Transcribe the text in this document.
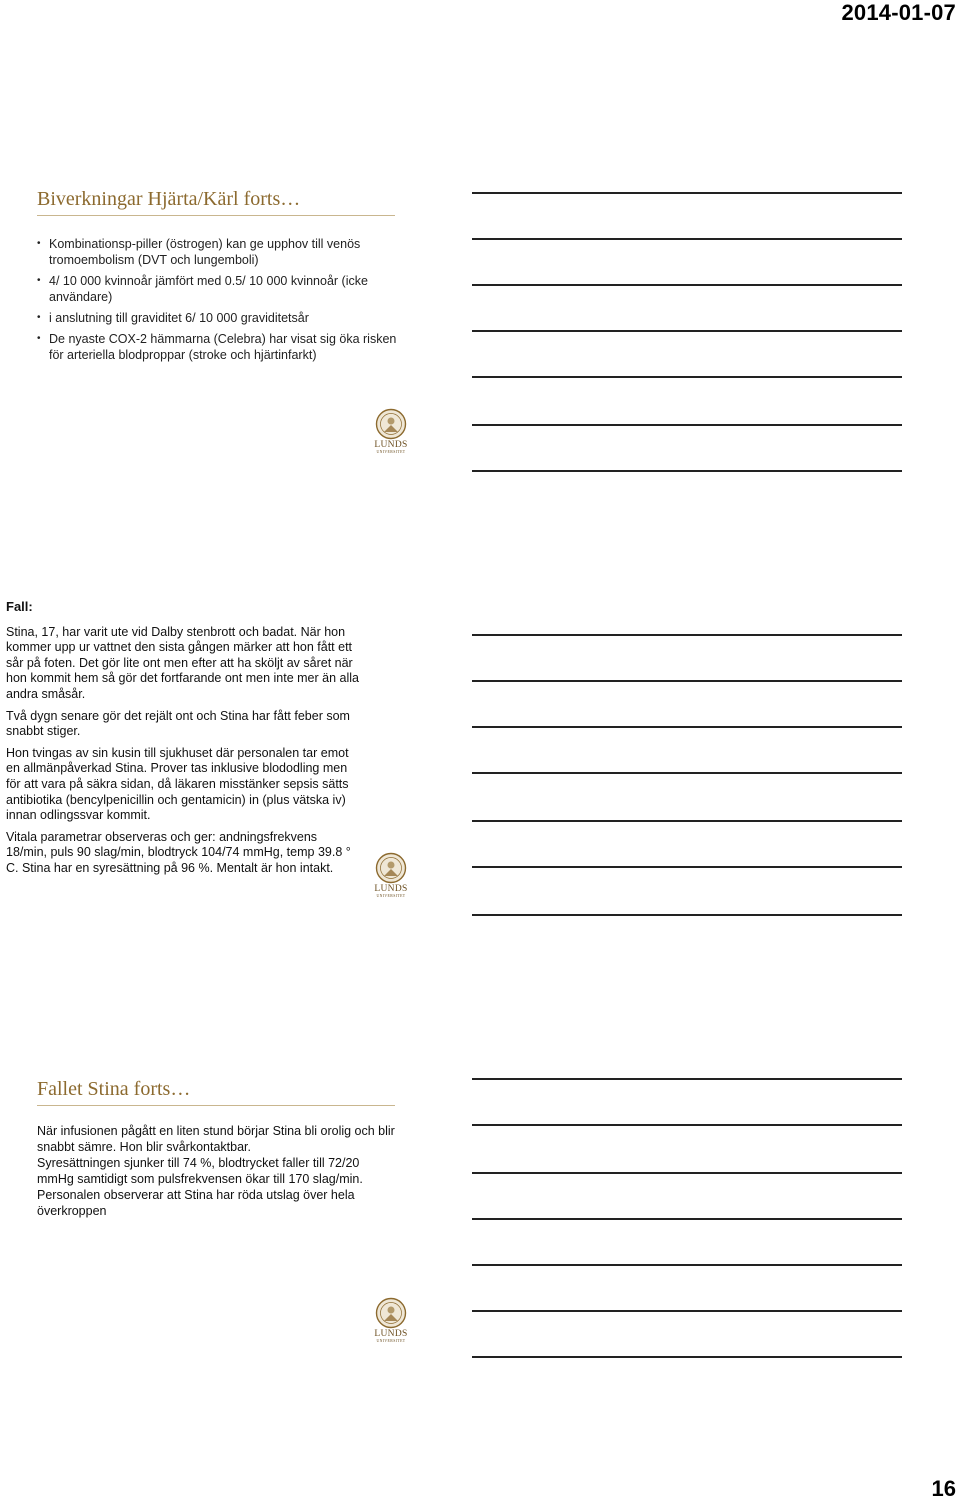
2014-01-07
Biverkningar Hjärta/Kärl forts…
• Kombinationsp-piller (östrogen) kan ge upphov till venös tromoembolism (DVT och lungemboli)
• 4/ 10 000 kvinnoår jämfört med 0.5/ 10 000 kvinnoår (icke användare)
• i anslutning till graviditet 6/ 10 000 graviditetsår
• De nyaste COX-2 hämmarna (Celebra) har visat sig öka risken för arteriella blodproppar (stroke och hjärtinfarkt)
LUNDS
UNIVERSITET

Fall:

Stina, 17, har varit ute vid Dalby stenbrott och badat. När hon kommer upp ur vattnet den sista gången märker att hon fått ett sår på foten. Det gör lite ont men efter att ha sköljt av såret när hon kommit hem så gör det fortfarande ont men inte mer än alla andra småsår.

Två dygn senare gör det rejält ont och Stina har fått feber som snabbt stiger.

Hon tvingas av sin kusin till sjukhuset där personalen tar emot en allmänpåverkad Stina. Prover tas inklusive blododling men för att vara på säkra sidan, då läkaren misstänker sepsis sätts antibiotika (bencylpenicillin och gentamicin) in (plus vätska iv) innan odlingssvar kommit.

Vitala parametrar observeras och ger: andningsfrekvens 18/min, puls 90 slag/min, blodtryck 104/74 mmHg, temp 39.8 ° C. Stina har en syresättning på 96 %. Mentalt är hon intakt.

LUNDS
UNIVERSITET
Fallet Stina forts…

När infusionen pågått en liten stund börjar Stina bli orolig och blir snabbt sämre. Hon blir svårkontaktbar.

Syresättningen sjunker till 74 %, blodtrycket faller till 72/20 mmHg samtidigt som pulsfrekvensen ökar till 170 slag/min.

Personalen observerar att Stina har röda utslag över hela överkroppen

LUNDS
UNIVERSITET
16
